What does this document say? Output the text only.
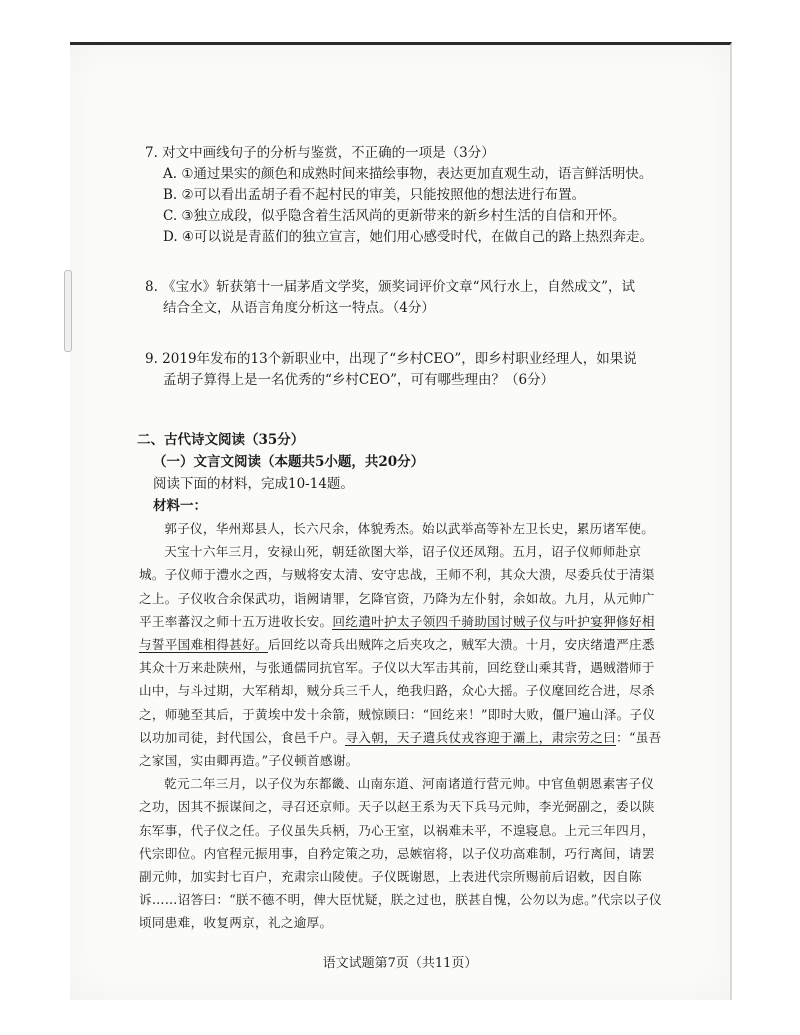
7. 对文中画线句子的分析与鉴赏，不正确的一项是（3分）
A. ①通过果实的颜色和成熟时间来描绘事物，表达更加直观生动，语言鲜活明快。
B. ②可以看出孟胡子看不起村民的审美，只能按照他的想法进行布置。
C. ③独立成段，似乎隐含着生活风尚的更新带来的新乡村生活的自信和开怀。
D. ④可以说是青蓝们的独立宣言，她们用心感受时代，在做自己的路上热烈奔走。
8. 《宝水》斩获第十一届茅盾文学奖，颁奖词评价文章“风行水上，自然成文”，试
结合全文，从语言角度分析这一特点。（4分）
9. 2019年发布的13个新职业中，出现了“乡村CEO”，即乡村职业经理人，如果说
孟胡子算得上是一名优秀的“乡村CEO”，可有哪些理由？（6分）
二、古代诗文阅读（35分）
（一）文言文阅读（本题共5小题，共20分）
阅读下面的材料，完成10-14题。
材料一：

郭子仪，华州郑县人，长六尺余，体貌秀杰。始以武举高等补左卫长史，累历诸军使。

天宝十六年三月，安禄山死，朝廷欲图大举，诏子仪还凤翔。五月，诏子仪师师赴京城。子仪师于澧水之西，与贼将安太清、安守忠战，王师不利，其众大溃，尽委兵仗于清渠之上。子仪收合余保武功，诣阙请罪，乞降官资，乃降为左仆射，余如故。九月，从元帅广平王率蕃汉之师十五万进收长安。回纥遣叶护太子领四千骑助国讨贼子仪与叶护宴狎修好相与誓平国难相得甚好。后回纥以奇兵出贼阵之后夹攻之，贼军大溃。十月，安庆绪遣严庄悉其众十万来赴陕州，与张通儒同抗官军。子仪以大军击其前，回纥登山乘其背，遇贼潜师于山中，与斗过期，大军稍却，贼分兵三千人，绝我归路，众心大摇。子仪麾回纥合进，尽杀之，师驰至其后，于黄埃中发十余箭，贼惊顾曰：“回纥来！”即时大败，僵尸遍山泽。子仪以功加司徒，封代国公，食邑千户。寻入朝，天子遣兵仗戎容迎于灞上，肃宗劳之曰：“虽吾之家国，实由卿再造。”子仪顿首感谢。

乾元二年三月，以子仪为东都畿、山南东道、河南诸道行营元帅。中官鱼朝恩素害子仪之功，因其不振谋间之，寻召还京师。天子以赵王系为天下兵马元帅，李光弼副之，委以陕东军事，代子仪之任。子仪虽失兵柄，乃心王室，以祸难未平，不遑寝息。上元三年四月，代宗即位。内官程元振用事，自矜定策之功，忌嫉宿将，以子仪功高难制，巧行离间，请罢副元帅，加实封七百户，充肃宗山陵使。子仪既谢恩，上表进代宗所赐前后诏敕，因自陈诉……诏答曰：“朕不德不明，俾大臣忧疑，朕之过也，朕甚自愧，公勿以为虑。”代宗以子仪顷同患难，收复两京，礼之逾厚。

语文试题第7页（共11页）
